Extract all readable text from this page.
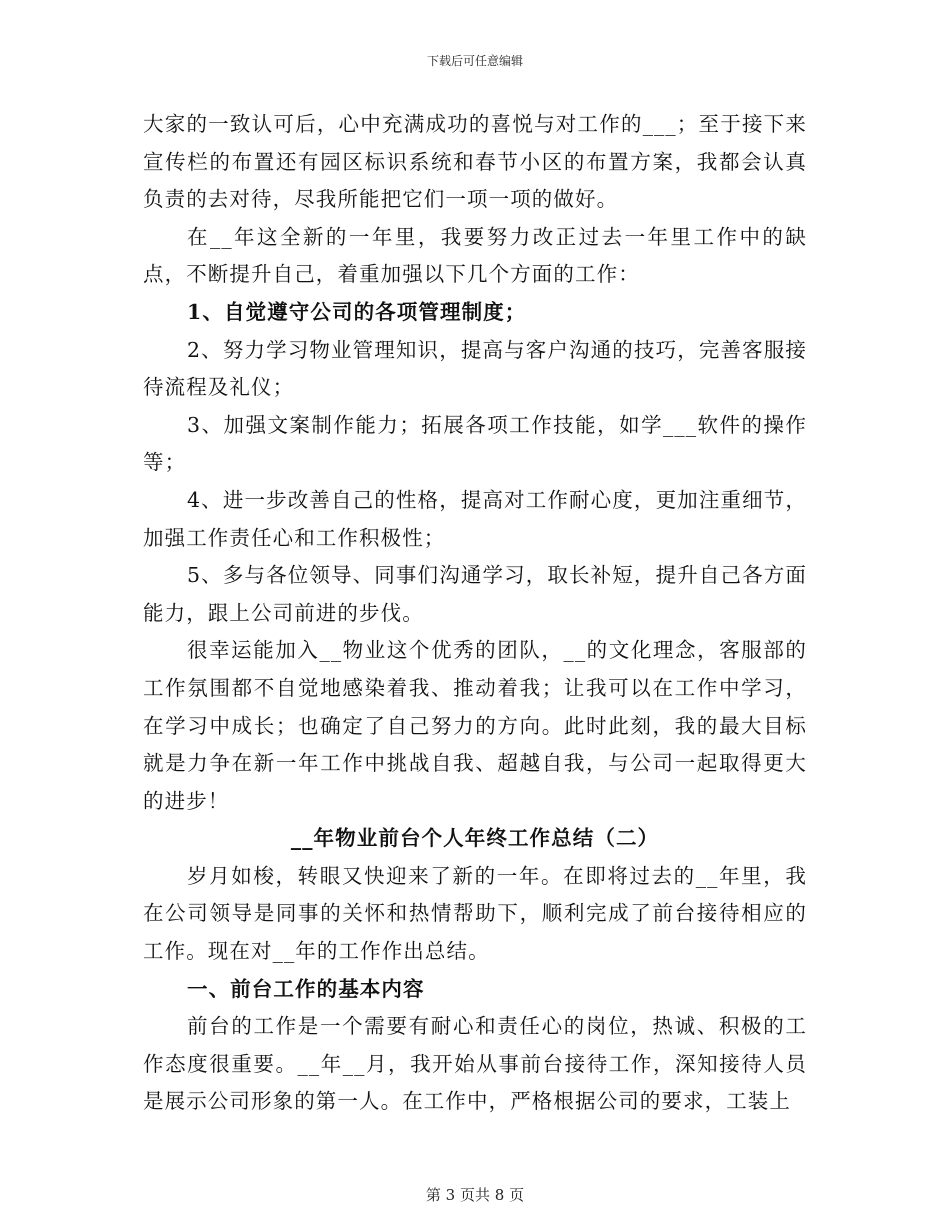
下载后可任意编辑

大家的一致认可后，心中充满成功的喜悦与对工作的___；至于接下来宣传栏的布置还有园区标识系统和春节小区的布置方案，我都会认真负责的去对待，尽我所能把它们一项一项的做好。

在__年这全新的一年里，我要努力改正过去一年里工作中的缺点，不断提升自己，着重加强以下几个方面的工作：

1、自觉遵守公司的各项管理制度；

2、努力学习物业管理知识，提高与客户沟通的技巧，完善客服接待流程及礼仪；

3、加强文案制作能力；拓展各项工作技能，如学___软件的操作等；

4、进一步改善自己的性格，提高对工作耐心度，更加注重细节，加强工作责任心和工作积极性；

5、多与各位领导、同事们沟通学习，取长补短，提升自己各方面能力，跟上公司前进的步伐。

很幸运能加入__物业这个优秀的团队，__的文化理念，客服部的工作氛围都不自觉地感染着我、推动着我；让我可以在工作中学习，在学习中成长；也确定了自己努力的方向。此时此刻，我的最大目标就是力争在新一年工作中挑战自我、超越自我，与公司一起取得更大的进步！

__年物业前台个人年终工作总结（二）

岁月如梭，转眼又快迎来了新的一年。在即将过去的__年里，我在公司领导是同事的关怀和热情帮助下，顺利完成了前台接待相应的工作。现在对__年的工作作出总结。

一、前台工作的基本内容

前台的工作是一个需要有耐心和责任心的岗位，热诚、积极的工作态度很重要。__年__月，我开始从事前台接待工作，深知接待人员是展示公司形象的第一人。在工作中，严格根据公司的要求，工装上

第 3 页共 8 页
